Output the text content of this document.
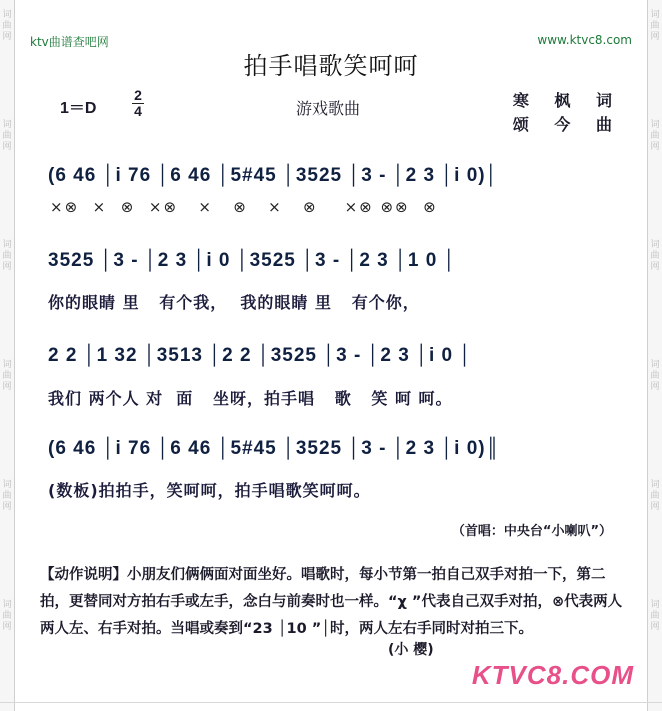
词
曲
网
词
曲
网
词
曲
网
词
曲
网
词
曲
网
词
曲
网
词
曲
网
词
曲
网
词
曲
网
词
曲
网
词
曲
网
词
曲
网
ktv曲谱查吧网	www.ktvc8.com
拍手唱歌笑呵呵
1＝D
2
4	游戏歌曲	寒 枫 词
颂 今 曲
(6 46 │i 76 │6 46 │5#45 │3525 │3 - │2 3 │i 0)│
×⊗  ×  ⊗  ×⊗   ×   ⊗   ×   ⊗    ×⊗ ⊗⊗  ⊗
3525 │3 - │2 3 │i 0 │3525 │3 - │2 3 │1 0 │
你的眼睛 里   有个我，  我的眼睛 里   有个你，
2 2 │1 32 │3513 │2 2 │3525 │3 - │2 3 │i 0 │
我们 两个人 对  面   坐呀，拍手唱   歌   笑 呵 呵。
(6 46 │i 76 │6 46 │5#45 │3525 │3 - │2 3 │i 0)║
(数板)拍拍手，笑呵呵，拍手唱歌笑呵呵。
（首唱：中央台“小喇叭”）
【动作说明】小朋友们俩俩面对面坐好。唱歌时，每小节第一拍自己双手对拍一下，第二拍，更替同对方拍右手或左手，念白与前奏时也一样。“χ ”代表自己双手对拍，⊗代表两人两人左、右手对拍。当唱或奏到“23 │10 ”│时，两人左右手同时对拍三下。
(小 樱)
KTVC8.COM
